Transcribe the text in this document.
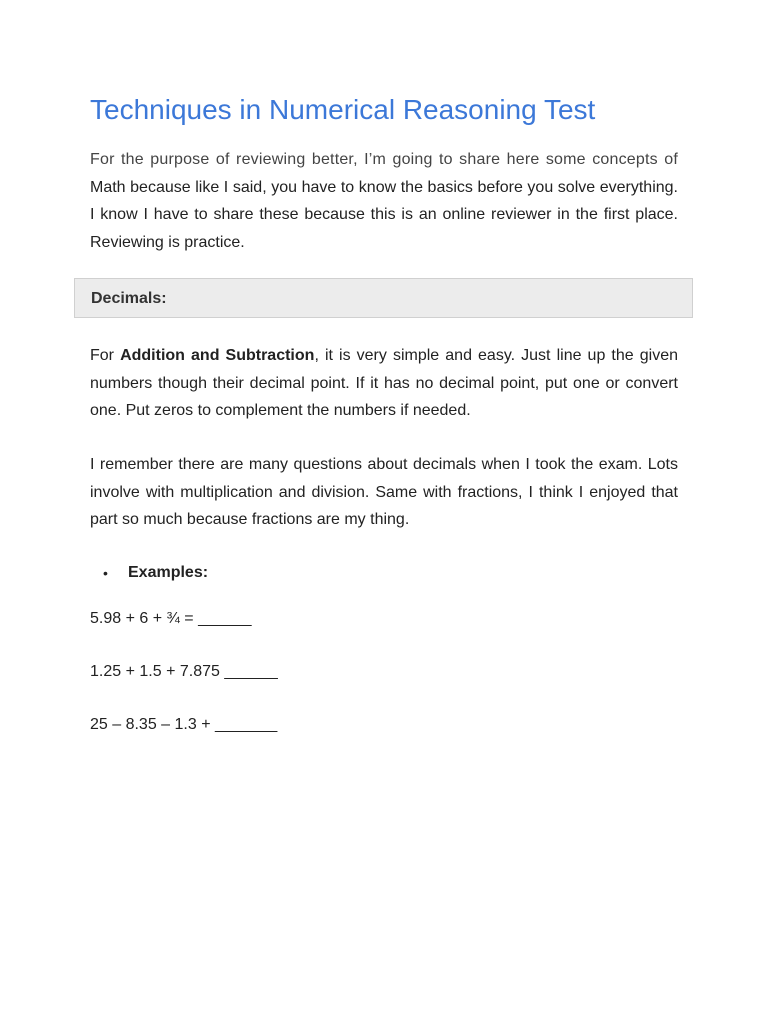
Techniques in Numerical Reasoning Test

For the purpose of reviewing better, I’m going to share here some concepts of Math because like I said, you have to know the basics before you solve everything. I know I have to share these because this is an online reviewer in the first place. Reviewing is practice.

Decimals:

For Addition and Subtraction, it is very simple and easy. Just line up the given numbers though their decimal point. If it has no decimal point, put one or convert one. Put zeros to complement the numbers if needed.

I remember there are many questions about decimals when I took the exam. Lots involve with multiplication and division. Same with fractions, I think I enjoyed that part so much because fractions are my thing.

• Examples:

5.98 + 6 + ¾ = ______

1.25 + 1.5 + 7.875 ______

25 – 8.35 – 1.3 + _______
